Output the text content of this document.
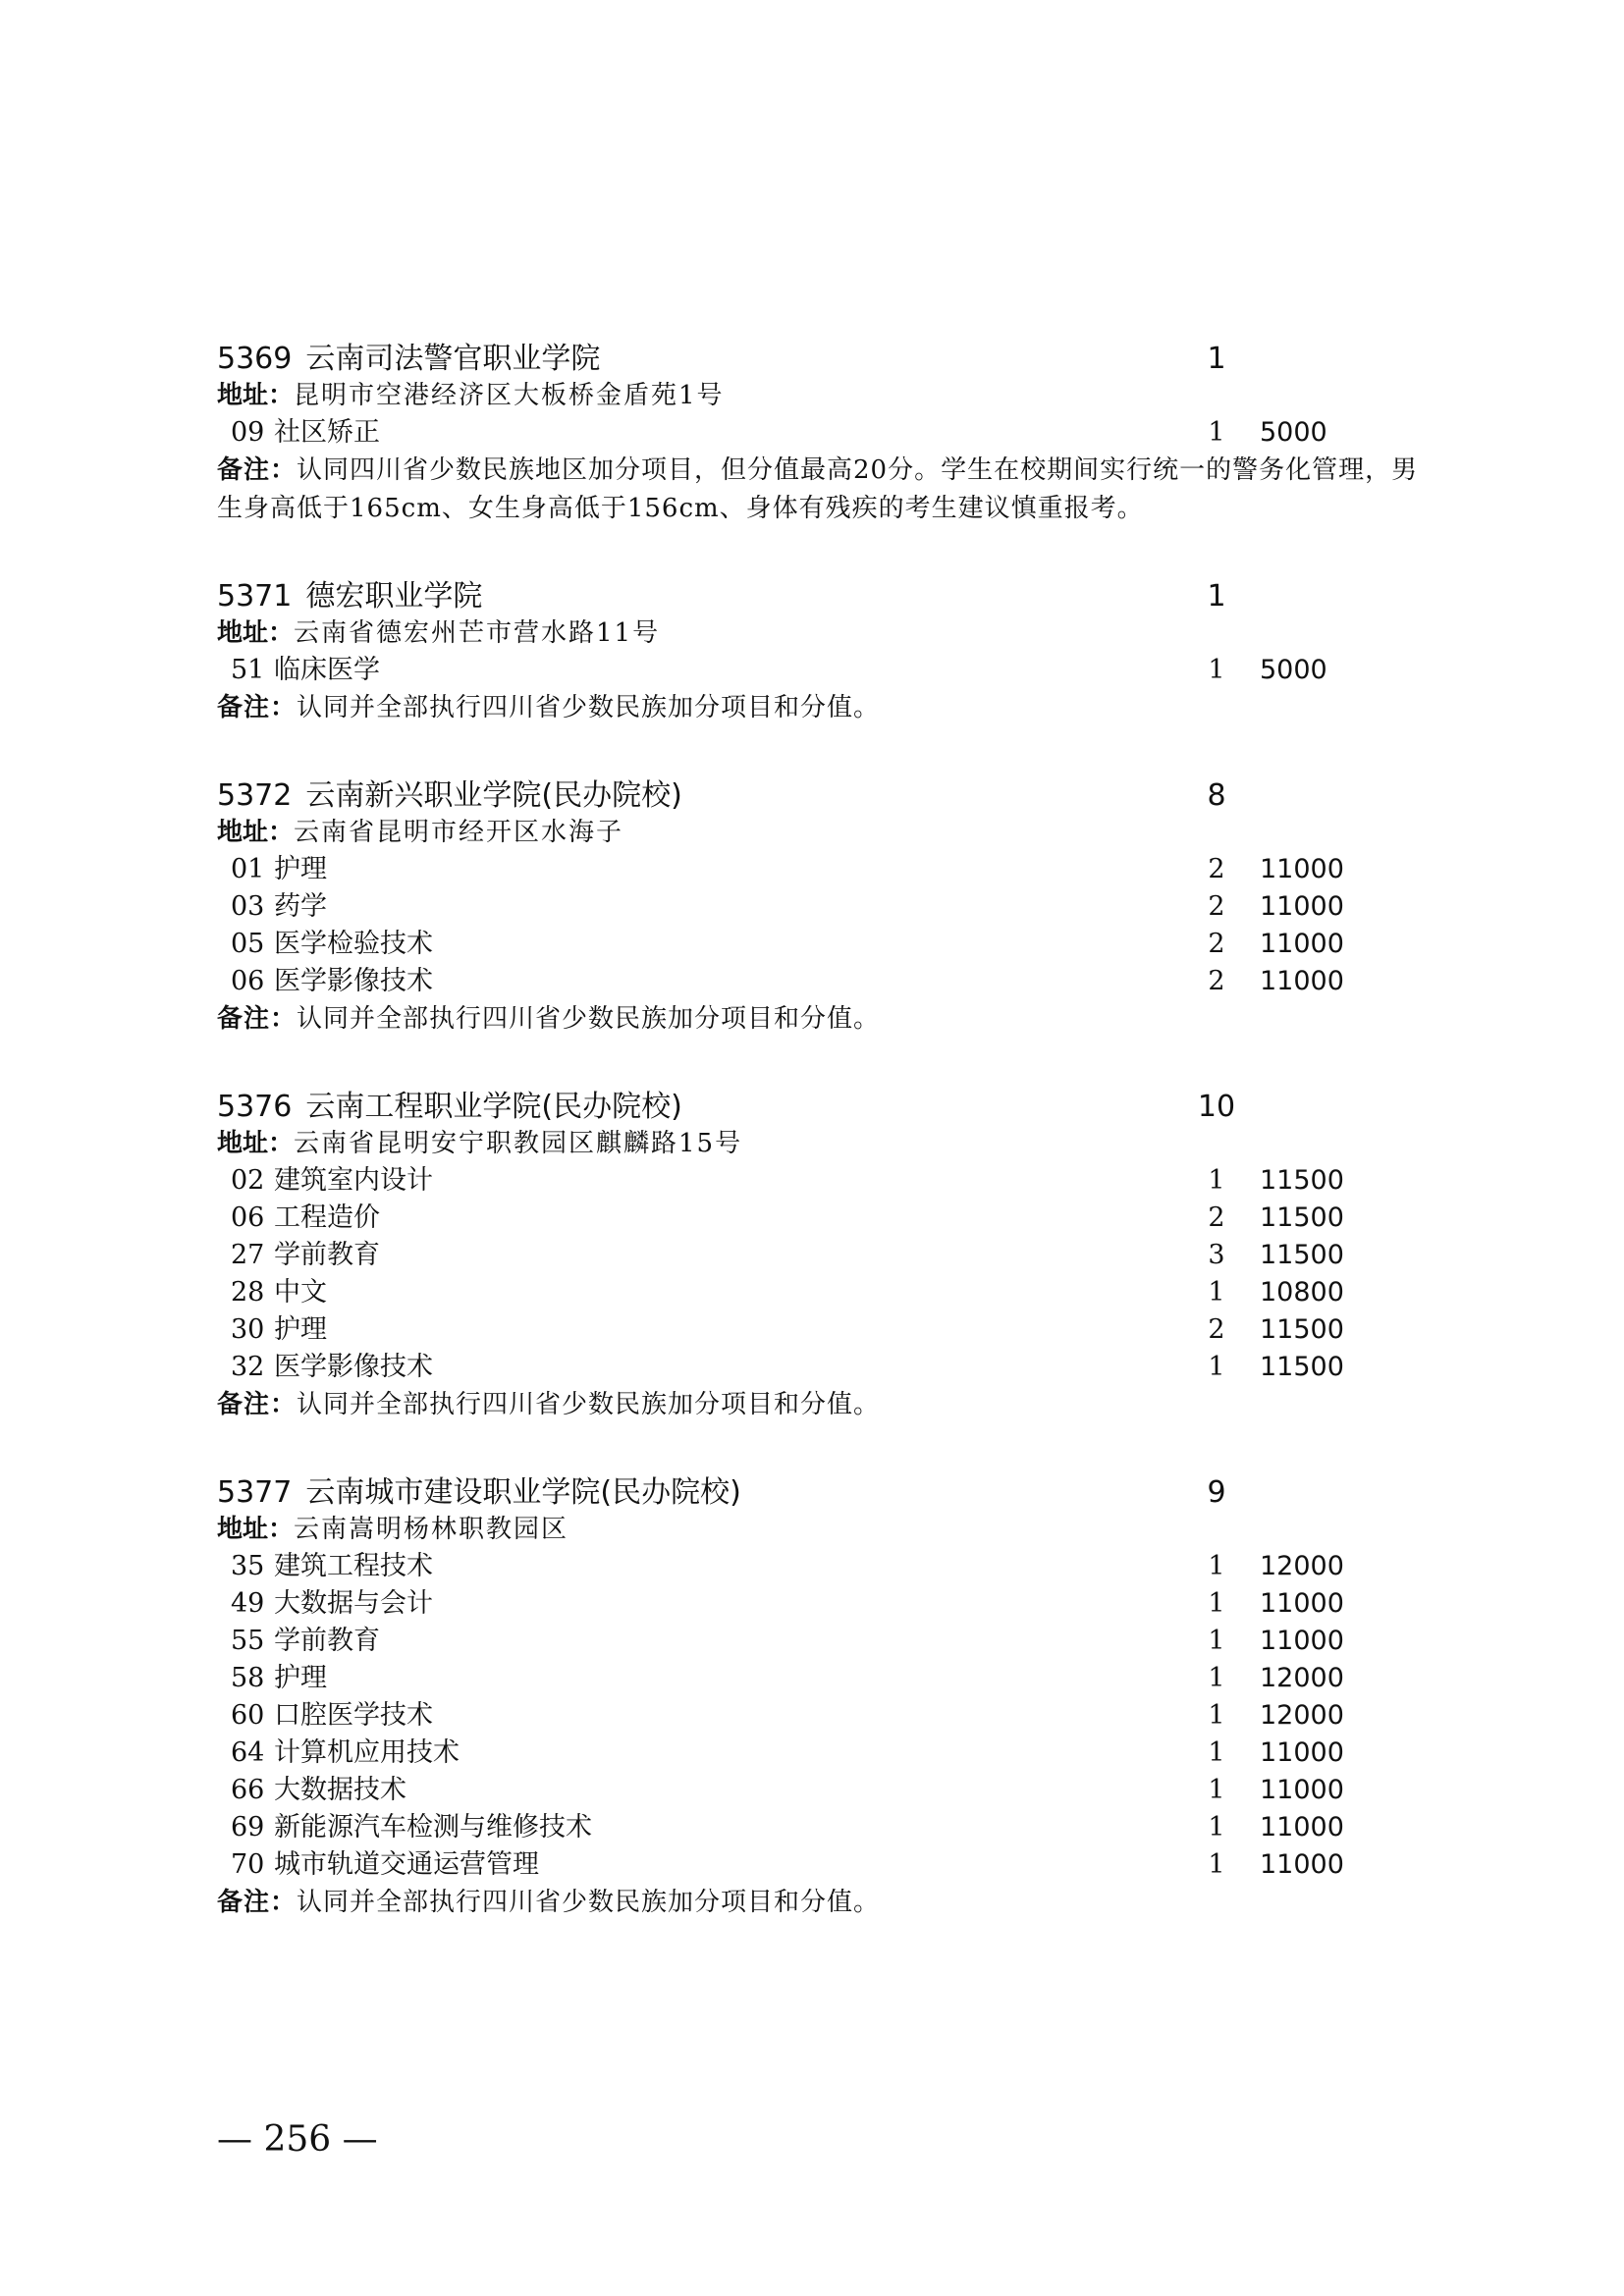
5369 云南司法警官职业学院	1
地址：昆明市空港经济区大板桥金盾苑1号
09 社区矫正	1	5000
备注：认同四川省少数民族地区加分项目，但分值最高20分。学生在校期间实行统一的警务化管理，男生身高低于165cm、女生身高低于156cm、身体有残疾的考生建议慎重报考。
5371 德宏职业学院	1
地址：云南省德宏州芒市营水路11号
51 临床医学	1	5000
备注：认同并全部执行四川省少数民族加分项目和分值。
5372 云南新兴职业学院(民办院校)	8
地址：云南省昆明市经开区水海子
01 护理	2	11000
03 药学	2	11000
05 医学检验技术	2	11000
06 医学影像技术	2	11000
备注：认同并全部执行四川省少数民族加分项目和分值。
5376 云南工程职业学院(民办院校)	10
地址：云南省昆明安宁职教园区麒麟路15号
02 建筑室内设计	1	11500
06 工程造价	2	11500
27 学前教育	3	11500
28 中文	1	10800
30 护理	2	11500
32 医学影像技术	1	11500
备注：认同并全部执行四川省少数民族加分项目和分值。
5377 云南城市建设职业学院(民办院校)	9
地址：云南嵩明杨林职教园区
35 建筑工程技术	1	12000
49 大数据与会计	1	11000
55 学前教育	1	11000
58 护理	1	12000
60 口腔医学技术	1	12000
64 计算机应用技术	1	11000
66 大数据技术	1	11000
69 新能源汽车检测与维修技术	1	11000
70 城市轨道交通运营管理	1	11000
备注：认同并全部执行四川省少数民族加分项目和分值。
— 256 —
